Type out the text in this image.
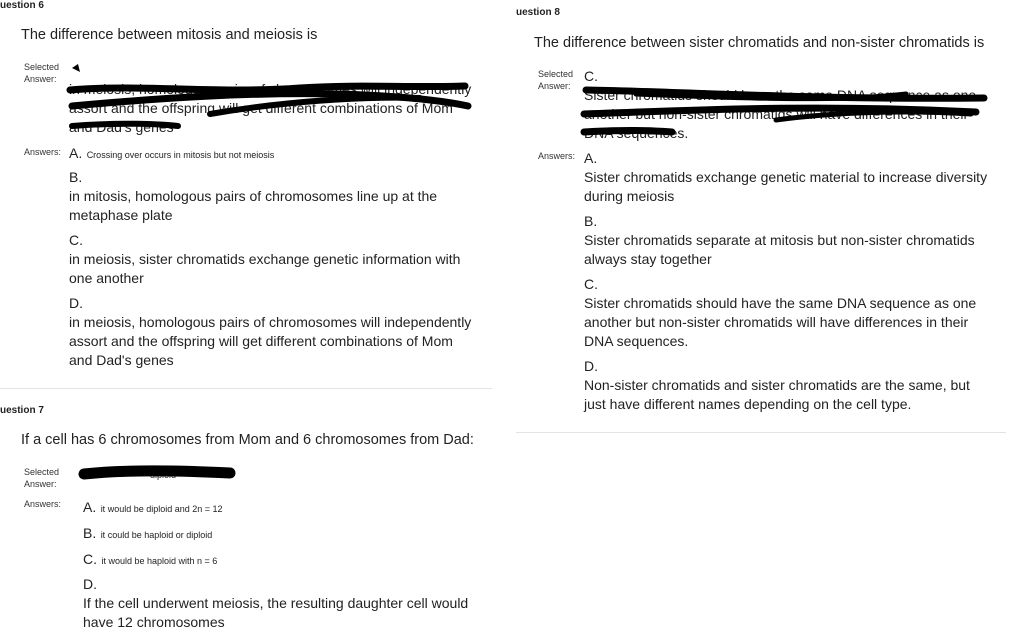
uestion 6
The difference between mitosis and meiosis is
Selected
Answer:
in meiosis, homologous pairs of chromosomes will independently
assort and the offspring will get different combinations of Mom
and Dad's genes
Answers: A. Crossing over occurs in mitosis but not meiosis
B.
in mitosis, homologous pairs of chromosomes line up at the
metaphase plate
C.
in meiosis, sister chromatids exchange genetic information with
one another
D.
in meiosis, homologous pairs of chromosomes will independently
assort and the offspring will get different combinations of Mom
and Dad's genes
uestion 7
If a cell has 6 chromosomes from Mom and 6 chromosomes from Dad:
Selected
Answer:
diploid
Answers: A. it would be diploid and 2n = 12
B. it could be haploid or diploid
C. it would be haploid with n = 6
D.
If the cell underwent meiosis, the resulting daughter cell would
have 12 chromosomes
uestion 8
The difference between sister chromatids and non-sister chromatids is
Selected
Answer:
C.
Sister chromatids should have the same DNA sequence as one
another but non-sister chromatids will have differences in their
DNA sequences.
Answers: A.
Sister chromatids exchange genetic material to increase diversity
during meiosis
B.
Sister chromatids separate at mitosis but non-sister chromatids
always stay together
C.
Sister chromatids should have the same DNA sequence as one
another but non-sister chromatids will have differences in their
DNA sequences.
D.
Non-sister chromatids and sister chromatids are the same, but
just have different names depending on the cell type.
